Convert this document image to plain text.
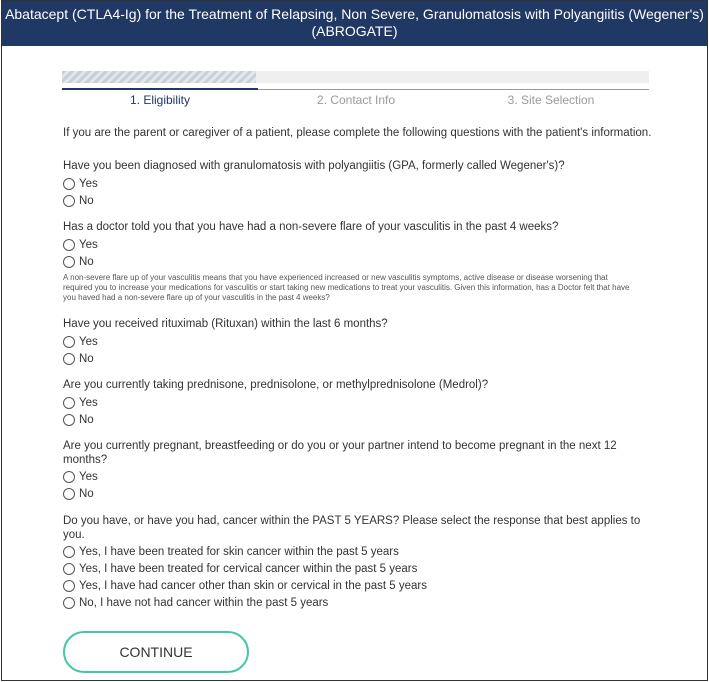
Abatacept (CTLA4-Ig) for the Treatment of Relapsing, Non Severe, Granulomatosis with Polyangiitis (Wegener's)
(ABROGATE)
1. Eligibility	2. Contact Info	3. Site Selection
If you are the parent or caregiver of a patient, please complete the following questions with the patient's information.
Have you been diagnosed with granulomatosis with polyangiitis (GPA, formerly called Wegener's)?
Yes
No
Has a doctor told you that you have had a non-severe flare of your vasculitis in the past 4 weeks?
Yes
No
A non-severe flare up of your vasculitis means that you have experienced increased or new vasculitis symptoms, active disease or disease worsening that required you to increase your medications for vasculitis or start taking new medications to treat your vasculitis. Given this information, has a Doctor felt that have you haved had a non-severe flare up of your vasculitis in the past 4 weeks?
Have you received rituximab (Rituxan) within the last 6 months?
Yes
No
Are you currently taking prednisone, prednisolone, or methylprednisolone (Medrol)?
Yes
No
Are you currently pregnant, breastfeeding or do you or your partner intend to become pregnant in the next 12
months?
Yes
No
Do you have, or have you had, cancer within the PAST 5 YEARS? Please select the response that best applies to
you.
Yes, I have been treated for skin cancer within the past 5 years
Yes, I have been treated for cervical cancer within the past 5 years
Yes, I have had cancer other than skin or cervical in the past 5 years
No, I have not had cancer within the past 5 years
CONTINUE
